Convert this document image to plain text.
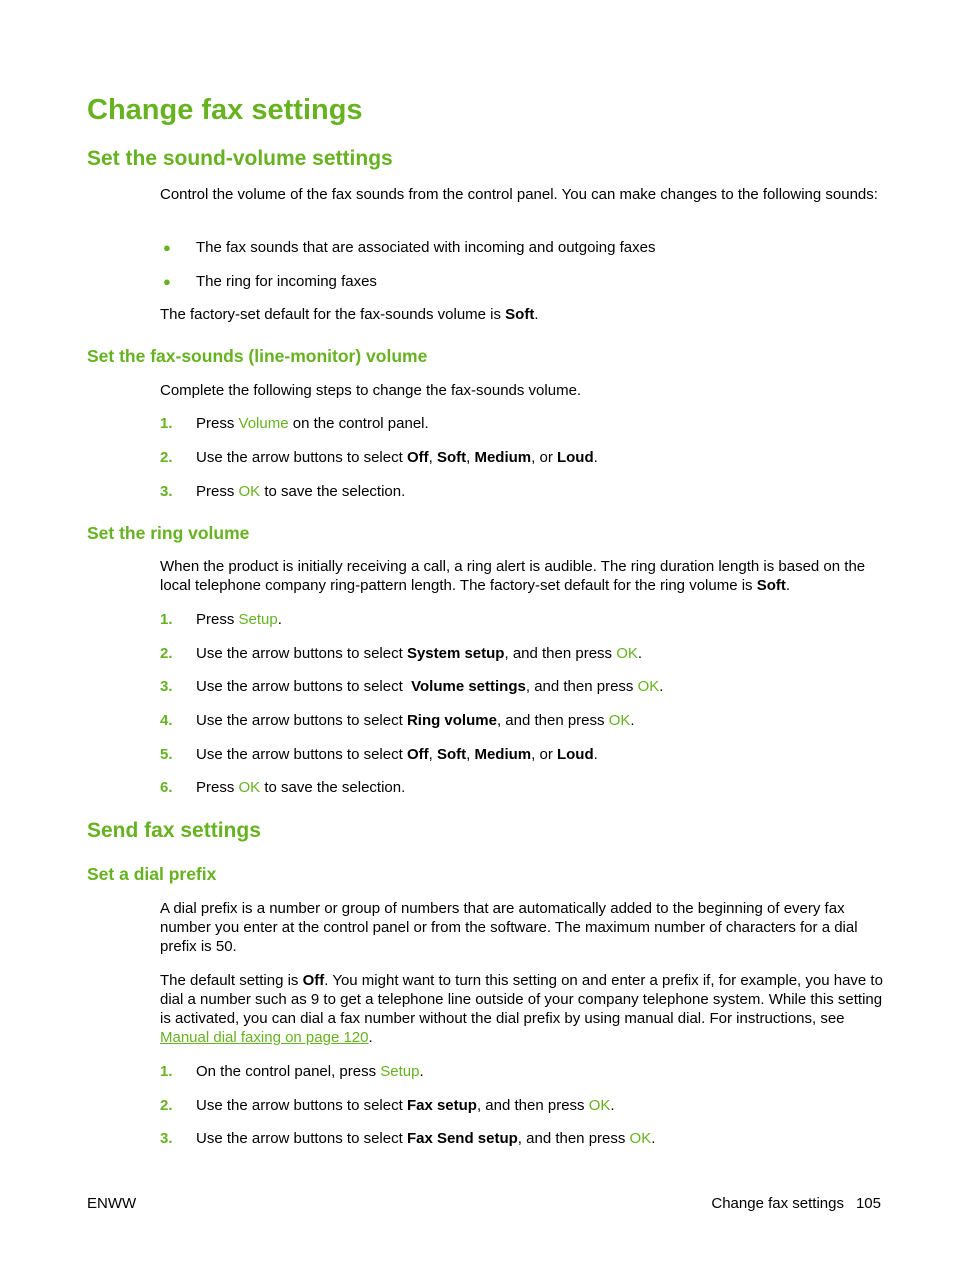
Change fax settings
Set the sound-volume settings

Control the volume of the fax sounds from the control panel. You can make changes to the following sounds:

● The fax sounds that are associated with incoming and outgoing faxes
● The ring for incoming faxes

The factory-set default for the fax-sounds volume is Soft.

Set the fax-sounds (line-monitor) volume

Complete the following steps to change the fax-sounds volume.

1. Press Volume on the control panel.
2. Use the arrow buttons to select Off, Soft, Medium, or Loud.
3. Press OK to save the selection.
Set the ring volume

When the product is initially receiving a call, a ring alert is audible. The ring duration length is based on the local telephone company ring-pattern length. The factory-set default for the ring volume is Soft.

1. Press Setup.
2. Use the arrow buttons to select System setup, and then press OK.
3. Use the arrow buttons to select  Volume settings, and then press OK.
4. Use the arrow buttons to select Ring volume, and then press OK.
5. Use the arrow buttons to select Off, Soft, Medium, or Loud.
6. Press OK to save the selection.
Send fax settings
Set a dial prefix

A dial prefix is a number or group of numbers that are automatically added to the beginning of every fax number you enter at the control panel or from the software. The maximum number of characters for a dial prefix is 50.

The default setting is Off. You might want to turn this setting on and enter a prefix if, for example, you have to dial a number such as 9 to get a telephone line outside of your company telephone system. While this setting is activated, you can dial a fax number without the dial prefix by using manual dial. For instructions, see Manual dial faxing on page 120.

1. On the control panel, press Setup.
2. Use the arrow buttons to select Fax setup, and then press OK.
3. Use the arrow buttons to select Fax Send setup, and then press OK.
ENWW	Change fax settings 105
